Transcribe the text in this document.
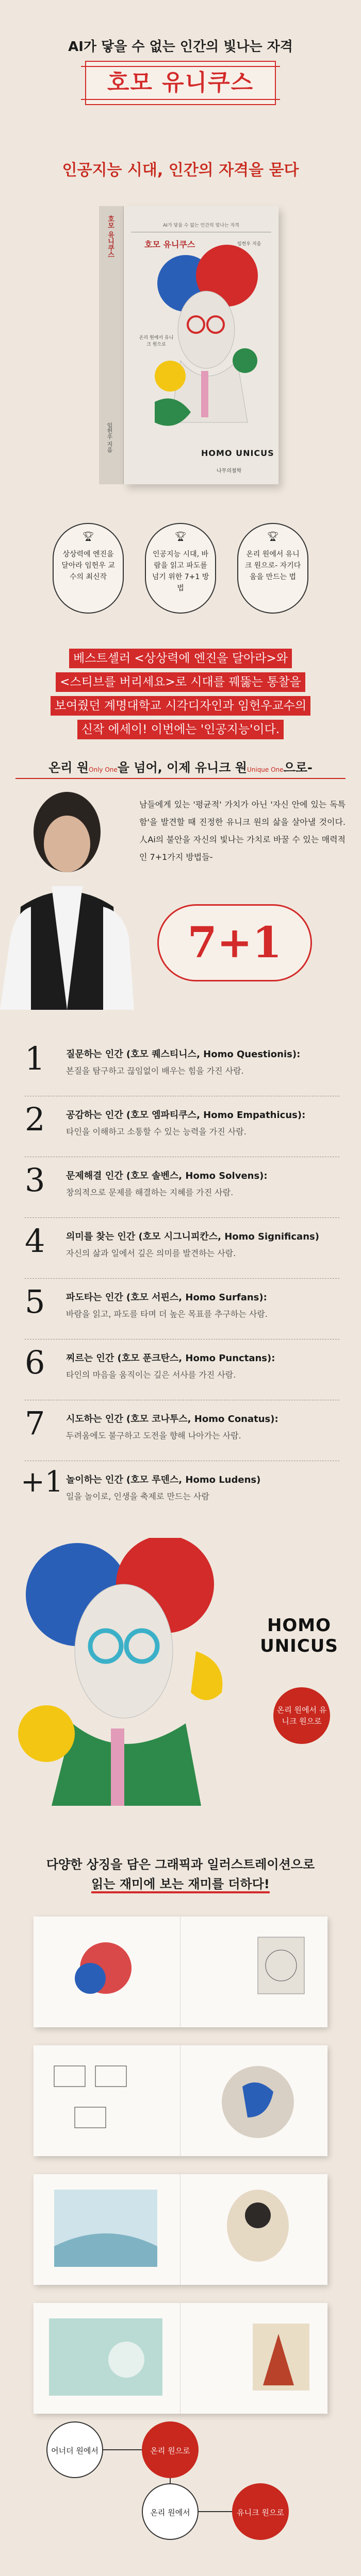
AI가 닿을 수 없는 인간의 빛나는 자격
호모 유니쿠스
인공지능 시대, 인간의 자격을 묻다
호모 유니쿠스
임헌우 지음
AI가 닿을 수 없는 인간의 빛나는 자격
호모 유니쿠스	임헌우 지음
온리 원에서 유니크 원으로
HOMO UNICUS
나무의철학
🏆︎
상상력에 엔진을 달아라 임헌우 교수의 최신작
🏆︎
인공지능 시대, 바람을 읽고 파도를 넘기 위한 7+1 방법
🏆︎
온리 원에서 유니크 원으로- 자기다움을 만드는 법
베스트셀러 <상상력에 엔진을 달아라>와
<스티브를 버리세요>로 시대를 꿰뚫는 통찰을
보여줬던 계명대학교 시각디자인과 임헌우교수의
신작 에세이! 이번에는 '인공지능'이다.
온리 원Only One을 넘어, 이제 유니크 원Unique One으로-
남들에게 있는 '평균적' 가치가 아닌 '자신 안에 있는 독특함'을 발견할 때 진정한 유니크 원의 삶을 살아낼 것이다. 人Ai의 불안을 자신의 빛나는 가치로 바꿀 수 있는 매력적인 7+1가지 방법들-
7+1
1	질문하는 인간 (호모 퀘스티니스, Homo Questionis):
본질을 탐구하고 끊임없이 배우는 힘을 가진 사람.
2	공감하는 인간 (호모 엠파티쿠스, Homo Empathicus):
타인을 이해하고 소통할 수 있는 능력을 가진 사람.
3	문제해결 인간 (호모 솔벤스, Homo Solvens):
창의적으로 문제를 해결하는 지혜를 가진 사람.
4	의미를 찾는 인간 (호모 시그니피칸스, Homo Significans)
자신의 삶과 일에서 깊은 의미를 발견하는 사람.
5	파도타는 인간 (호모 서핀스, Homo Surfans):
바람을 읽고, 파도를 타며 더 높은 목표를 추구하는 사람.
6	찌르는 인간 (호모 푼크탄스, Homo Punctans):
타인의 마음을 움직이는 깊은 서사를 가진 사람.
7	시도하는 인간 (호모 코나투스, Homo Conatus):
두려움에도 불구하고 도전을 향해 나아가는 사람.
+1 놀이하는 인간 (호모 루덴스, Homo Ludens)
일을 놀이로, 인생을 축제로 만드는 사람
HOMO UNICUS
온리 원에서 유니크 원으로
다양한 상징을 담은 그래픽과 일러스트레이션으로
읽는 재미에 보는 재미를 더하다!
어너더 원에서	온리 원으로
온리 원에서	유니크 원으로
